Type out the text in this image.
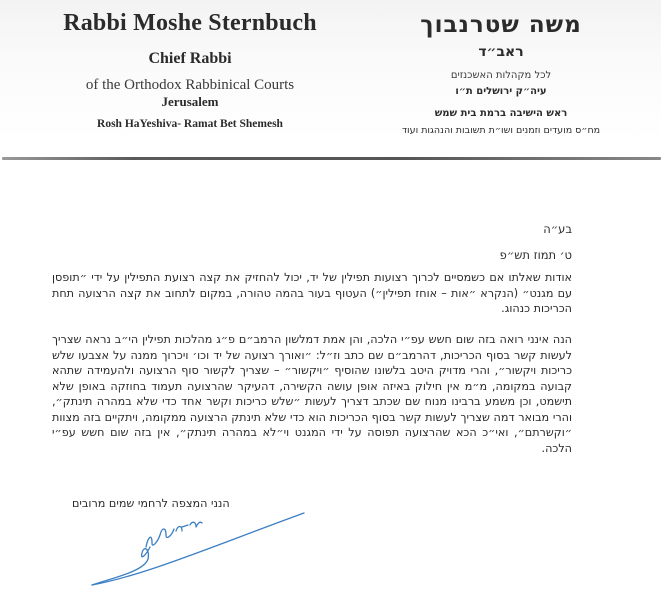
Rabbi Moshe Sternbuch
Chief Rabbi
of the Orthodox Rabbinical Courts
Jerusalem
Rosh HaYeshiva- Ramat Bet Shemesh
משה שטרנבוך
ראב״ד
לכל מקהלות האשכנזים
עיה״ק ירושלים ת״ו
ראש הישיבה ברמת בית שמש
מח״ס מועדים וזמנים ושו״ת תשובות והנהגות ועוד
בע״ה
ט׳ תמוז תש״פ
אודות שאלתו אם כשמסיים לכרוך רצועות תפילין של יד, יכול להחזיק את קצה רצועת התפילין על ידי ״תופסן עם מגנט״ (הנקרא ״אות – אוחז תפילין״) העטוף בעור בהמה טהורה, במקום לתחוב את קצה הרצועה תחת הכריכות כנהוג.
הנה אינני רואה בזה שום חשש עפ״י הלכה, והן אמת דמלשון הרמב״ם פ״ג מהלכות תפילין הי״ב נראה שצריך לעשות קשר בסוף הכריכות, דהרמב״ם שם כתב וז״ל: ״ואורך רצועה של יד וכו׳ ויכרוך ממנה על אצבעו שלש כריכות ויקשור״, והרי מדויק היטב בלשונו שהוסיף ״ויקשור״ – שצריך לקשור סוף הרצועה ולהעמידה שתהא קבועה במקומה, מ״מ אין חילוק באיזה אופן עושה הקשירה, דהעיקר שהרצועה תעמוד בחוזקה באופן שלא תישמט, וכן משמע ברבינו מנוח שם שכתב דצריך לעשות ״שלש כריכות וקשר אחד כדי שלא במהרה תינתק״, והרי מבואר דמה שצריך לעשות קשר בסוף הכריכות הוא כדי שלא תינתק הרצועה ממקומה, ויתקיים בזה מצוות ״וקשרתם״, ואי״כ הכא שהרצועה תפוסה על ידי המגנט וי״לא במהרה תינתק״, אין בזה שום חשש עפ״י הלכה.
הנני המצפה לרחמי שמים מרובים
